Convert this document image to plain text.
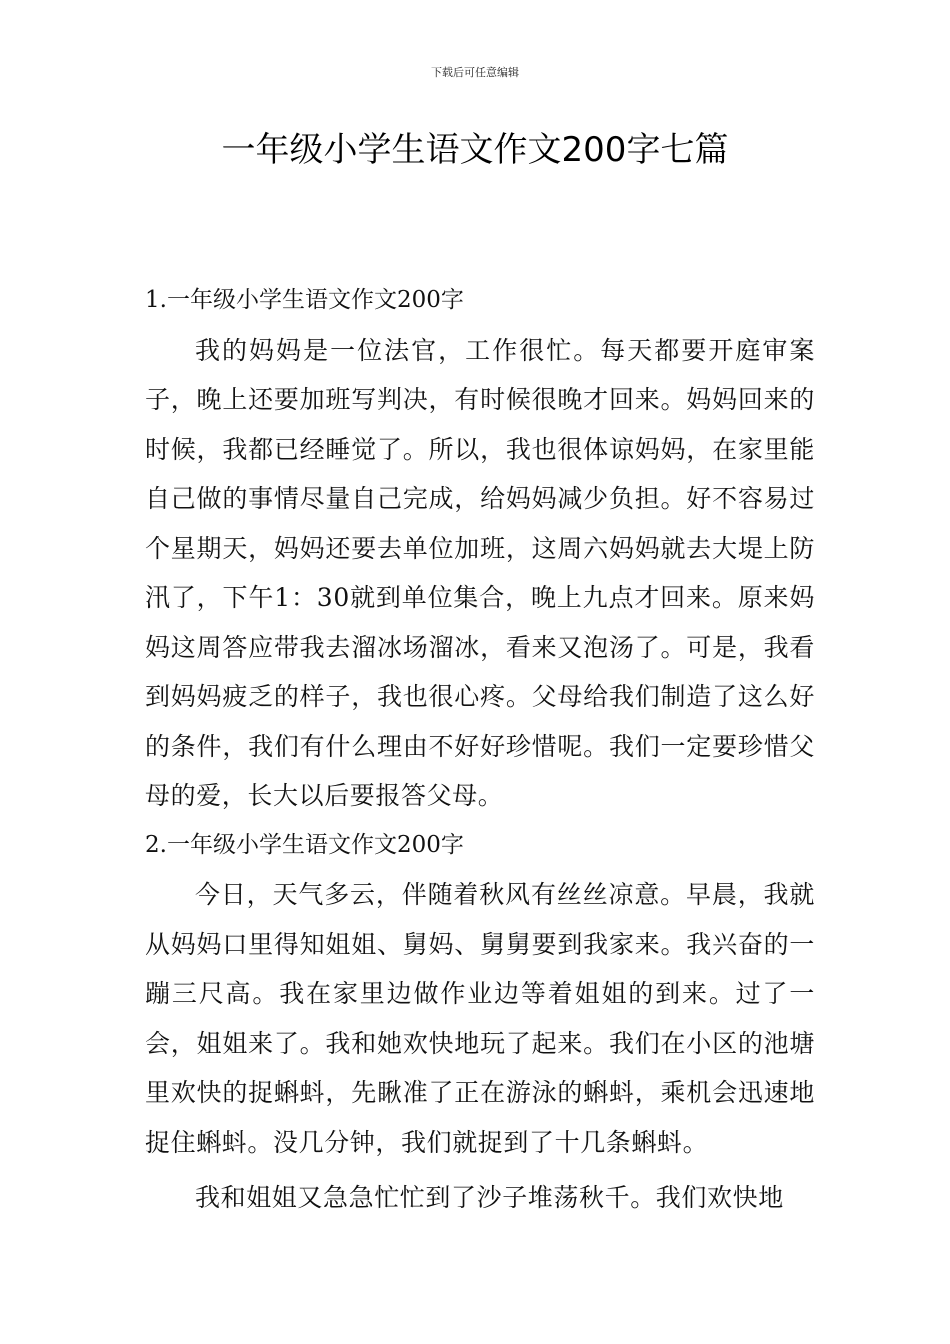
下载后可任意编辑
一年级小学生语文作文200字七篇
1.一年级小学生语文作文200字

我的妈妈是一位法官，工作很忙。每天都要开庭审案子，晚上还要加班写判决，有时候很晚才回来。妈妈回来的时候，我都已经睡觉了。所以，我也很体谅妈妈，在家里能自己做的事情尽量自己完成，给妈妈减少负担。好不容易过个星期天，妈妈还要去单位加班，这周六妈妈就去大堤上防汛了，下午1：30就到单位集合，晚上九点才回来。原来妈妈这周答应带我去溜冰场溜冰，看来又泡汤了。可是，我看到妈妈疲乏的样子，我也很心疼。父母给我们制造了这么好的条件，我们有什么理由不好好珍惜呢。我们一定要珍惜父母的爱，长大以后要报答父母。

2.一年级小学生语文作文200字

今日，天气多云，伴随着秋风有丝丝凉意。早晨，我就从妈妈口里得知姐姐、舅妈、舅舅要到我家来。我兴奋的一蹦三尺高。我在家里边做作业边等着姐姐的到来。过了一会，姐姐来了。我和她欢快地玩了起来。我们在小区的池塘里欢快的捉蝌蚪，先瞅准了正在游泳的蝌蚪，乘机会迅速地捉住蝌蚪。没几分钟，我们就捉到了十几条蝌蚪。

我和姐姐又急急忙忙到了沙子堆荡秋千。我们欢快地
